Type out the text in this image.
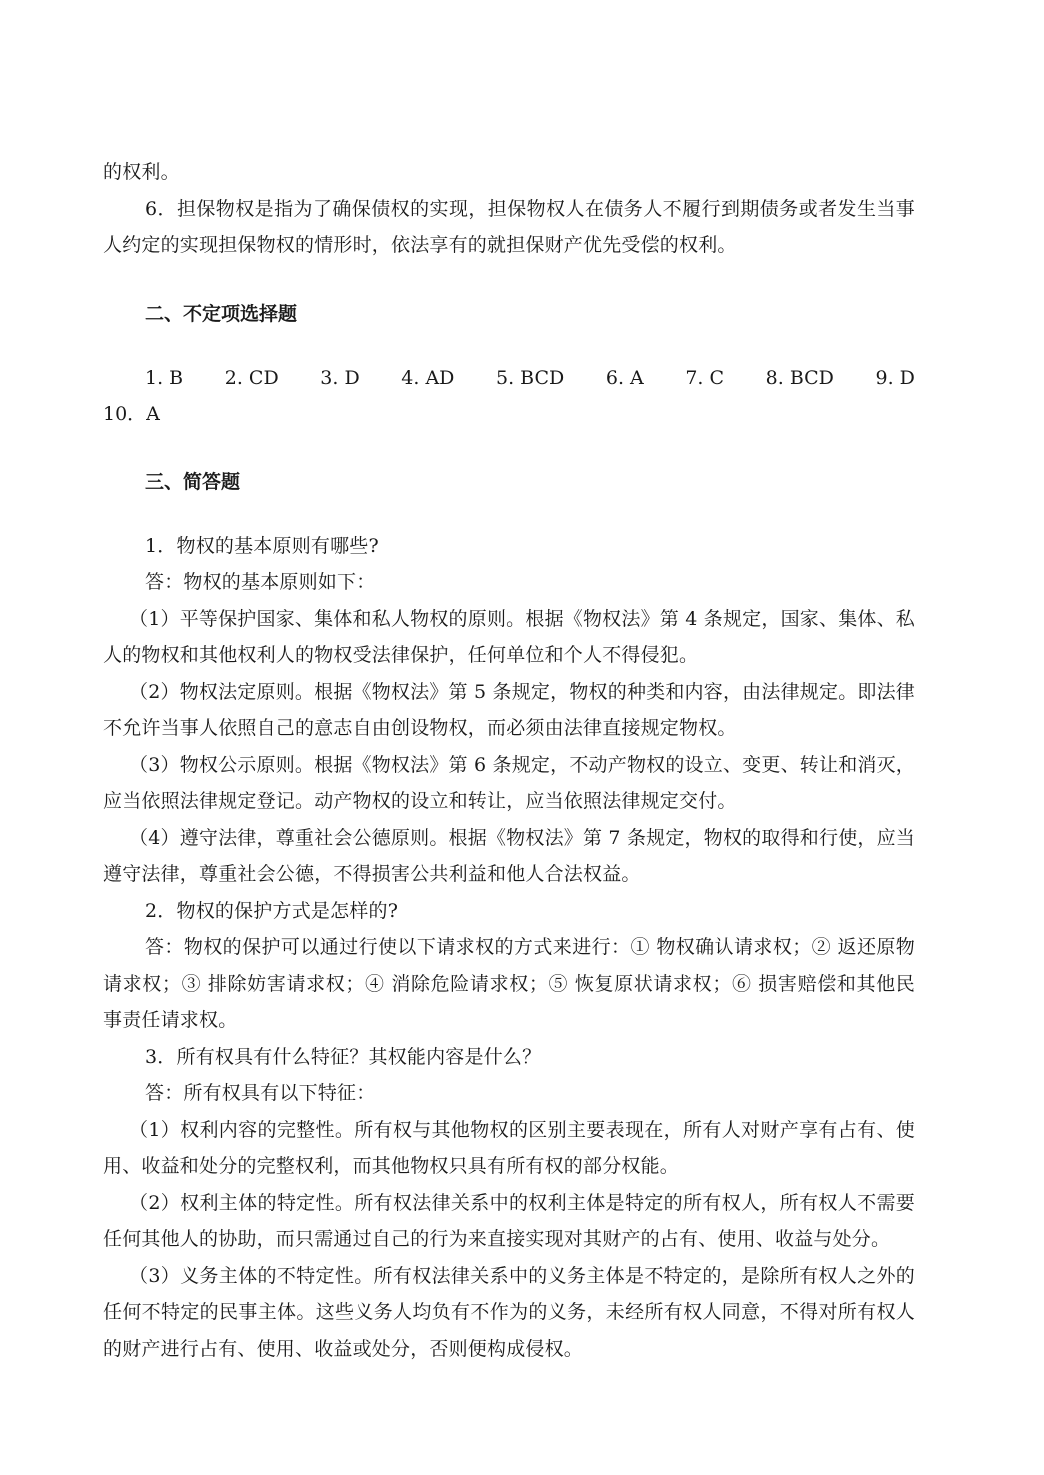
的权利。

6．担保物权是指为了确保债权的实现，担保物权人在债务人不履行到期债务或者发生当事人约定的实现担保物权的情形时，依法享有的就担保财产优先受偿的权利。

二、不定项选择题
1. B 2. CD 3. D 4. AD 5. BCD 6. A 7. C 8. BCD 9. D
10．A
三、简答题

1．物权的基本原则有哪些?

答：物权的基本原则如下：

（1）平等保护国家、集体和私人物权的原则。根据《物权法》第 4 条规定，国家、集体、私人的物权和其他权利人的物权受法律保护，任何单位和个人不得侵犯。

（2）物权法定原则。根据《物权法》第 5 条规定，物权的种类和内容，由法律规定。即法律不允许当事人依照自己的意志自由创设物权，而必须由法律直接规定物权。

（3）物权公示原则。根据《物权法》第 6 条规定，不动产物权的设立、变更、转让和消灭，应当依照法律规定登记。动产物权的设立和转让，应当依照法律规定交付。

（4）遵守法律，尊重社会公德原则。根据《物权法》第 7 条规定，物权的取得和行使，应当遵守法律，尊重社会公德，不得损害公共利益和他人合法权益。

2．物权的保护方式是怎样的?

答：物权的保护可以通过行使以下请求权的方式来进行：① 物权确认请求权；② 返还原物请求权；③ 排除妨害请求权；④ 消除危险请求权；⑤ 恢复原状请求权；⑥ 损害赔偿和其他民事责任请求权。

3．所有权具有什么特征？其权能内容是什么？

答：所有权具有以下特征：

（1）权利内容的完整性。所有权与其他物权的区别主要表现在，所有人对财产享有占有、使用、收益和处分的完整权利，而其他物权只具有所有权的部分权能。

（2）权利主体的特定性。所有权法律关系中的权利主体是特定的所有权人，所有权人不需要任何其他人的协助，而只需通过自己的行为来直接实现对其财产的占有、使用、收益与处分。

（3）义务主体的不特定性。所有权法律关系中的义务主体是不特定的，是除所有权人之外的任何不特定的民事主体。这些义务人均负有不作为的义务，未经所有权人同意，不得对所有权人的财产进行占有、使用、收益或处分，否则便构成侵权。
